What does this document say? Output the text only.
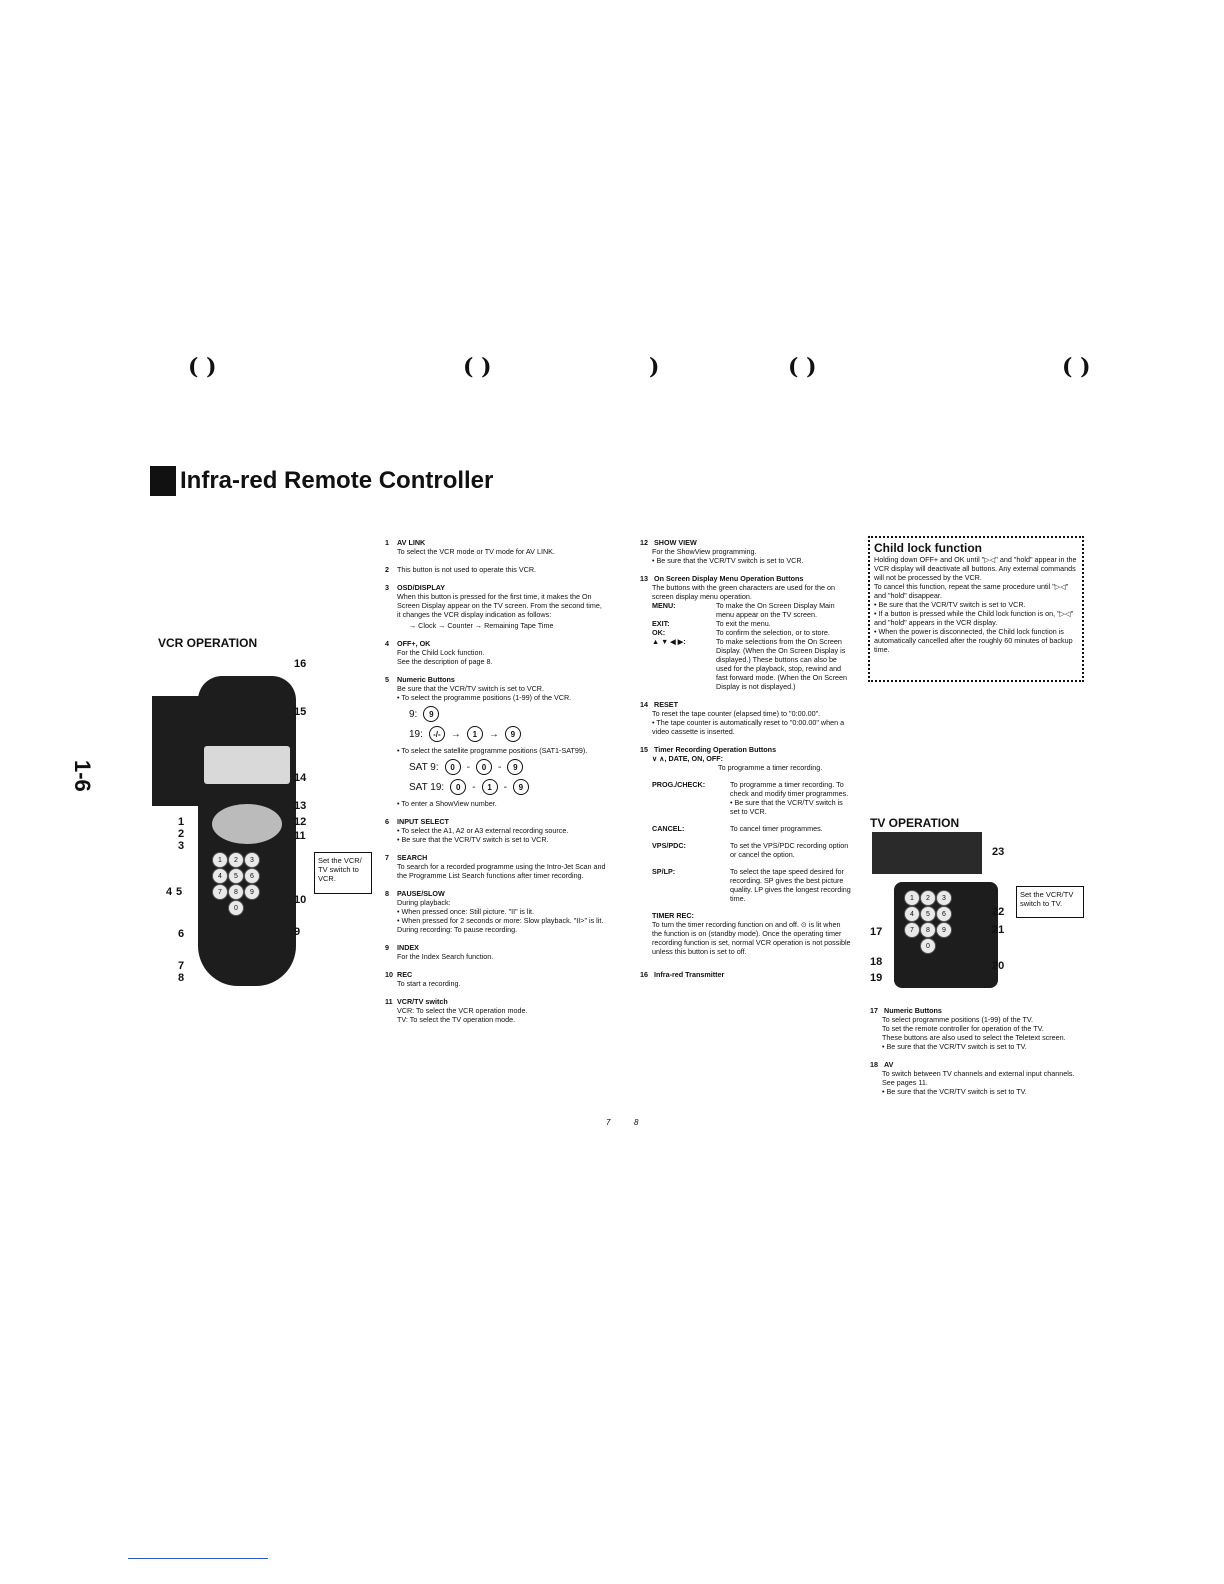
( )	( )	)	( )	( )
Infra-red Remote Controller
1-6
VCR OPERATION
1	2	3
4	5	6
7	8	9
0
16
15
14
13
12
11
10
9
1
2
3
4 5
6
7
8
Set the VCR/ TV switch to VCR.
1 AV LINK
To select the VCR mode or TV mode for AV LINK.
2 This button is not used to operate this VCR.
3 OSD/DISPLAY
When this button is pressed for the first time, it makes the On Screen Display appear on the TV screen. From the second time, it changes the VCR display indication as follows:
→ Clock → Counter → Remaining Tape Time
4 OFF+, OK
For the Child Lock function.
See the description of page 8.
5 Numeric Buttons
Be sure that the VCR/TV switch is set to VCR.
• To select the programme positions (1-99) of the VCR.
9:	9
19:	-/-	→	1	→	9
• To select the satellite programme positions (SAT1-SAT99).
SAT 9:	0	-	0	-	9
SAT 19:	0	-	1	-	9
• To enter a ShowView number.
6 INPUT SELECT
• To select the A1, A2 or A3 external recording source.
• Be sure that the VCR/TV switch is set to VCR.
7 SEARCH
To search for a recorded programme using the Intro-Jet Scan and the Programme List Search functions after timer recording.
8 PAUSE/SLOW
During playback:
• When pressed once: Still picture. "II" is lit.
• When pressed for 2 seconds or more: Slow playback. "II>" is lit.
During recording: To pause recording.
9 INDEX
For the Index Search function.
10 REC
To start a recording.
11 VCR/TV switch
VCR: To select the VCR operation mode.
TV: To select the TV operation mode.
12 SHOW VIEW
For the ShowView programming.
• Be sure that the VCR/TV switch is set to VCR.
13 On Screen Display Menu Operation Buttons
The buttons with the green characters are used for the on screen display menu operation.
MENU:	To make the On Screen Display Main menu appear on the TV screen.
EXIT:	To exit the menu.
OK:	To confirm the selection, or to store.
▲ ▼ ◀ ▶:	To make selections from the On Screen Display. (When the On Screen Display is displayed.) These buttons can also be used for the playback, stop, rewind and fast forward mode. (When the On Screen Display is not displayed.)
14 RESET
To reset the tape counter (elapsed time) to "0:00.00".
• The tape counter is automatically reset to "0:00.00" when a video cassette is inserted.
15 Timer Recording Operation Buttons
∨ ∧, DATE, ON, OFF:
To programme a timer recording.
PROG./CHECK:	To programme a timer recording. To check and modify timer programmes. • Be sure that the VCR/TV switch is set to VCR.
CANCEL:	To cancel timer programmes.
VPS/PDC:	To set the VPS/PDC recording option or cancel the option.
SP/LP:	To select the tape speed desired for recording. SP gives the best picture quality. LP gives the longest recording time.
TIMER REC:
To turn the timer recording function on and off. ⊙ is lit when the function is on (standby mode). Once the operating timer recording function is set, normal VCR operation is not possible unless this button is set to off.
16 Infra-red Transmitter
Child lock function
Holding down OFF+ and OK until "▷◁" and "hold" appear in the VCR display will deactivate all buttons. Any external commands will not be processed by the VCR.
To cancel this function, repeat the same procedure until "▷◁" and "hold" disappear.
• Be sure that the VCR/TV switch is set to VCR.
• If a button is pressed while the Child lock function is on, "▷◁" and "hold" appears in the VCR display.
• When the power is disconnected, the Child lock function is automatically cancelled after the roughly 60 minutes of backup time.
TV OPERATION
1	2	3
4	5	6
7	8	9
0
23
22
21
20
17
18
19
Set the VCR/TV switch to TV.
17 Numeric Buttons
To select programme positions (1-99) of the TV.
To set the remote controller for operation of the TV.
These buttons are also used to select the Teletext screen.
• Be sure that the VCR/TV switch is set to TV.
18 AV
To switch between TV channels and external input channels. See pages 11.
• Be sure that the VCR/TV switch is set to TV.
7	8
